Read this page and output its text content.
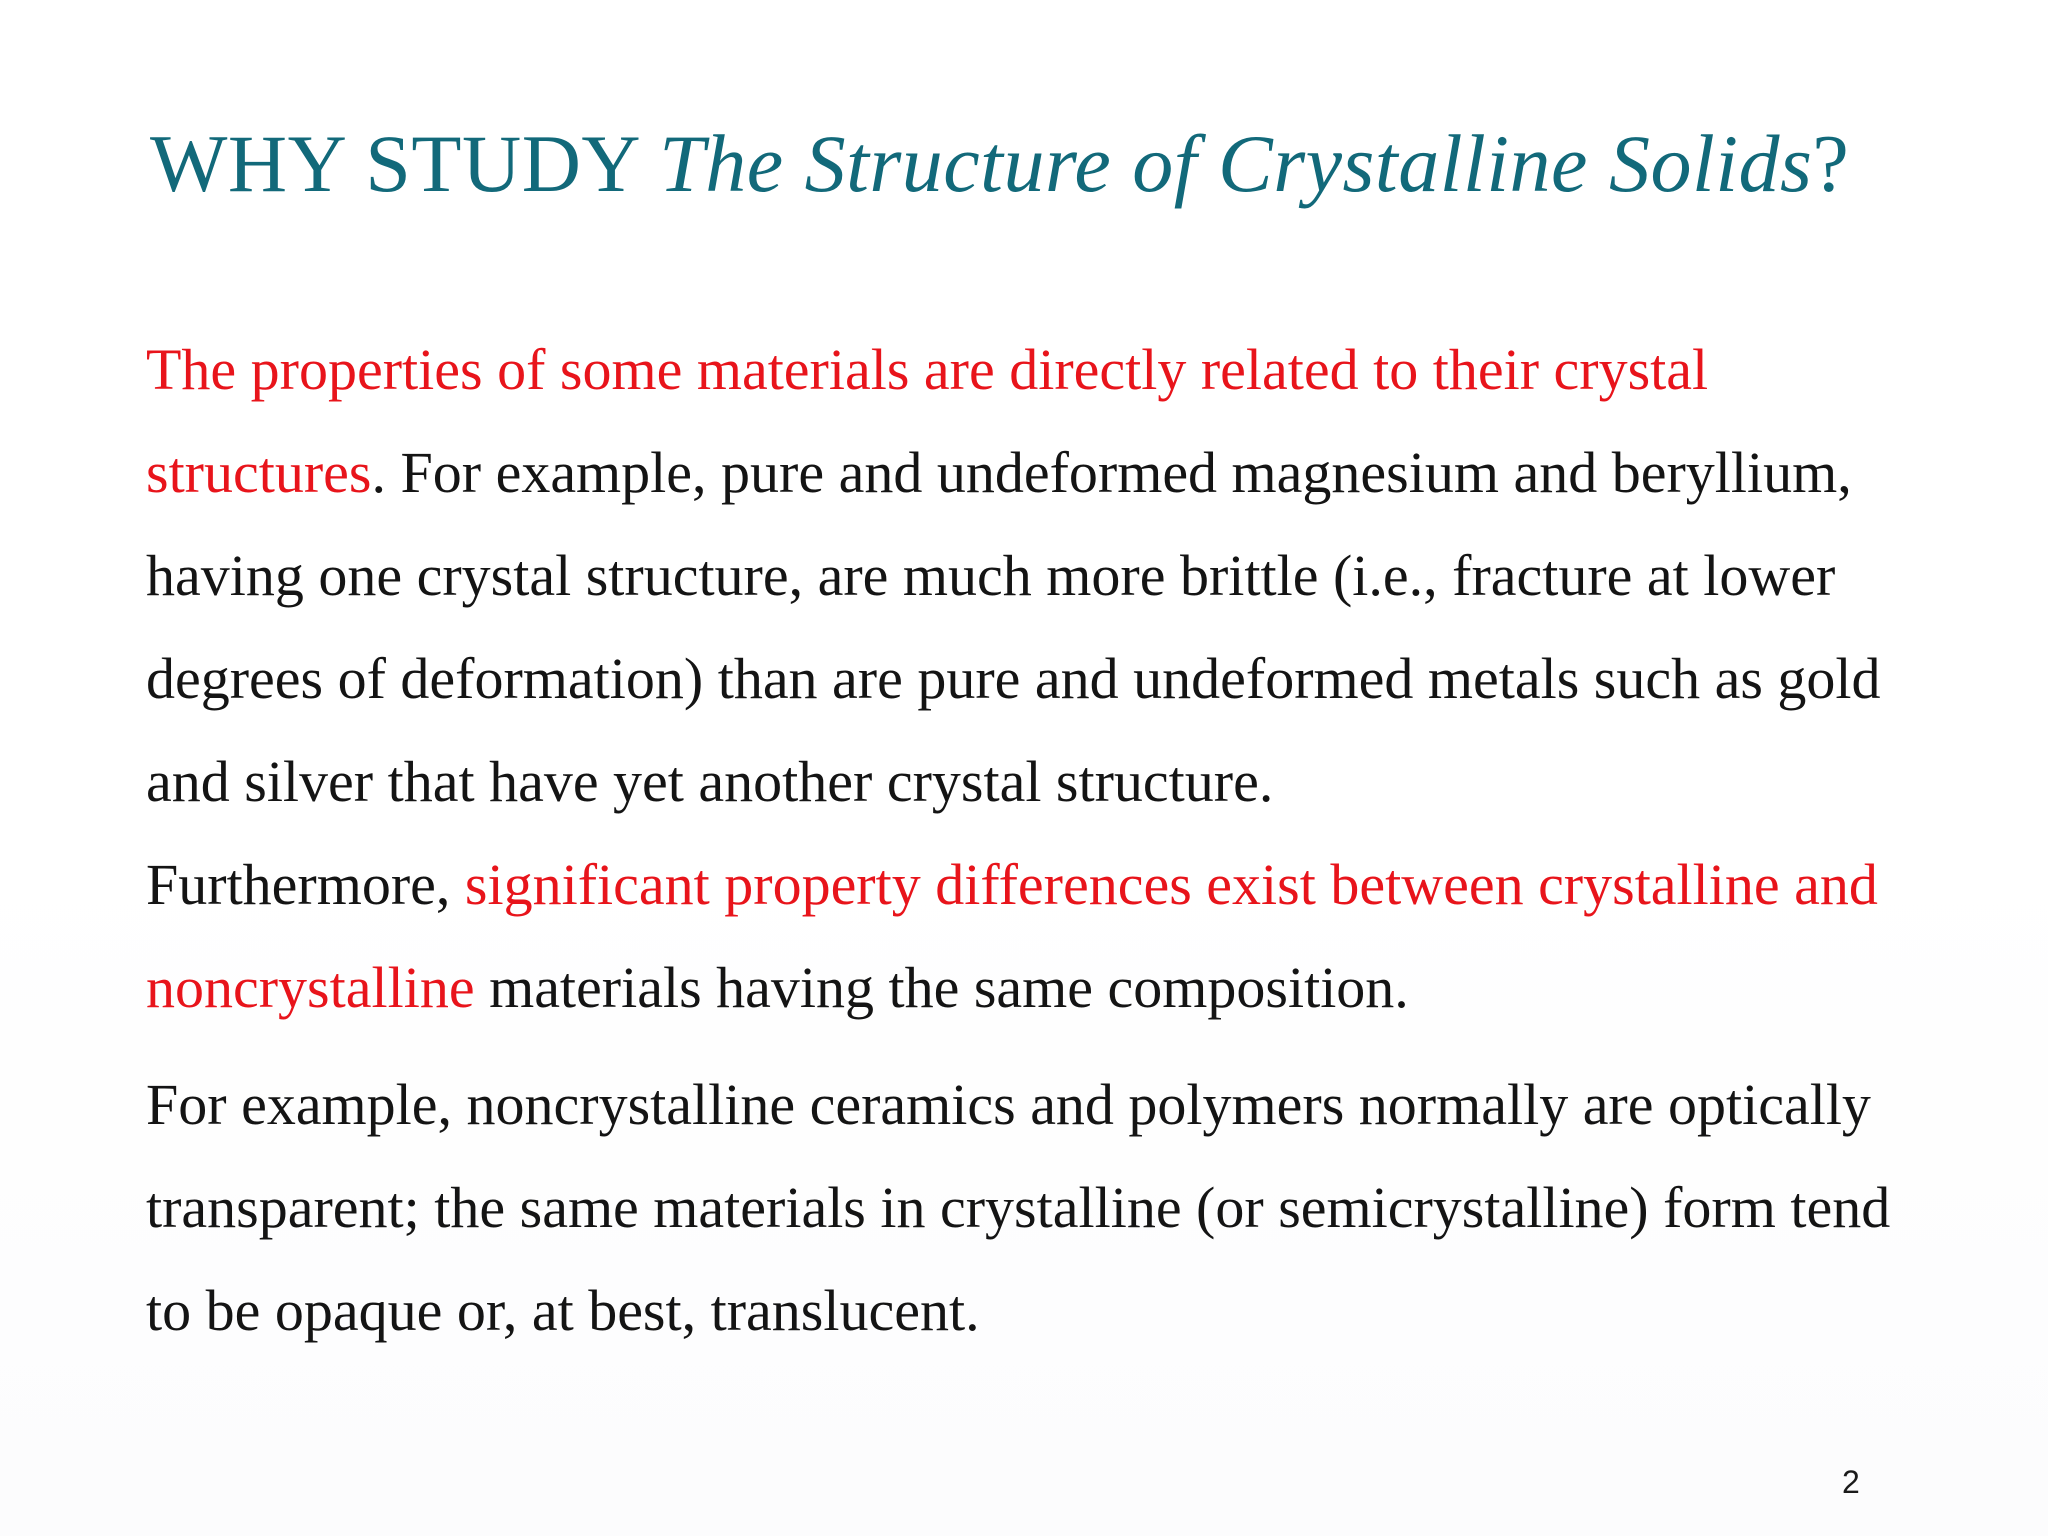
WHY STUDY The Structure of Crystalline Solids?

The properties of some materials are directly related to their crystal
structures. For example, pure and undeformed magnesium and beryllium,
having one crystal structure, are much more brittle (i.e., fracture at lower
degrees of deformation) than are pure and undeformed metals such as gold
and silver that have yet another crystal structure.

Furthermore, significant property differences exist between crystalline and
noncrystalline materials having the same composition.

For example, noncrystalline ceramics and polymers normally are optically
transparent; the same materials in crystalline (or semicrystalline) form tend
to be opaque or, at best, translucent.

2
